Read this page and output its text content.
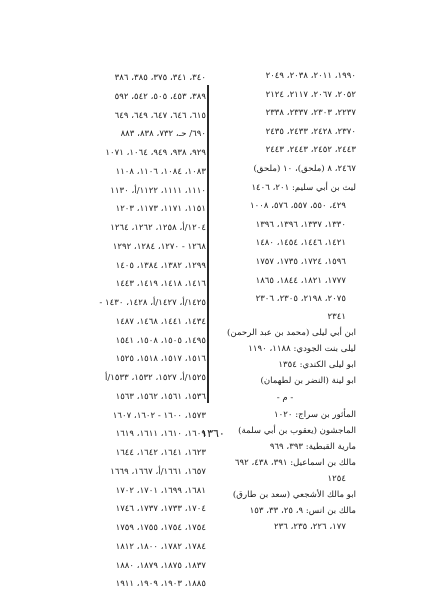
١٩٩٠، ٢٠١١، ٢٠٣٨، ٢٠٤٩
٢٠٥٢، ٢٠٦٧، ٢١١٧، ٢١٢٤
٢٢٣٧، ٢٣٠٣، ٢٣٣٧، ٢٣٣٨
٢٣٧٠، ٢٤٢٨، ٢٤٣٣، ٢٤٣٥
٢٤٤٣، ٢٤٥٢، ٢٤٤٣، ٢٤٤٣
٢٤٦٧، ٨ (ملحق)، ١٠ (ملحق)
ليث بن أبي سليم: ٢٠١، ١٤٠٦
٤٢٩، ٥٥٠، ٥٥٧، ٥٧٦، ١٠٠٨
١٣٣٠، ١٣٣٧، ١٣٩٦، ١٣٩٦
١٤٢١، ١٤٤٦، ١٤٥٤، ١٤٨٠
١٥٩٦، ١٧٢٤، ١٧٣٥، ١٧٥٧
١٧٧٧، ١٨٢١، ١٨٤٤، ١٨٦٥
٢٠٧٥، ٢١٩٨، ٢٣٠٥، ٢٣٠٦
٢٣٤١
ابن أبي ليلى (محمد بن عبد الرحمن)
ليلى بنت الجودي: ١١٨٨، ١١٩٠
ابو ليلى الكندي: ١٣٥٤
ابو لينة (النضر بن لطهمان)
- م -
المأثور بن سراج: ١٠٢٠
الماجشون (يعقوب بن أبي سلمة)
مارية القبطية: ٣٩٣، ٩٦٩
مالك بن اسماعيل: ٣٩١، ٤٣٨، ٦٩٢
١٢٥٤
ابو مالك الأشجعي (سعد بن طارق)
مالك بن انس: ٩، ٢٥، ٣٣، ١٥٣
١٧٧، ٢٢٦، ٢٣٥، ٢٣٦
٣٤٠، ٣٤١، ٣٧٥، ٣٨٥، ٣٨٦
٣٨٩، ٤٥٣، ٥٠٥، ٥٤٢، ٥٩٢
٦١٥، ٦٤٦، ٦٤٧، ٦٤٩، ٦٤٩
٦٩٠/ حـ، ٧٣٢، ٨٣٨، ٨٨٣
٩٢٩، ٩٣٨، ٩٤٩، ١٠٦٤، ١٠٧١
١٠٨٣، ١٠٨٤، ١١٠٦، ١١٠٨
١١١٠، ١١١١، ١١٢٢/أ، ١١٣٠
١١٥١، ١١٧١، ١١٧٣، ١٢٠٣
١٢٠٤/أ، ١٢٥٨، ١٢٦٢، ١٢٦٤
١٢٦٨ - ١٢٧٠، ١٢٨٤، ١٢٩٢
١٢٩٩، ١٣٨٢، ١٣٨٤، ١٤٠٥
١٤١٦، ١٤١٨، ١٤١٩، ١٤٤٣
١٤٢٥/أ، ١٤٢٧/أ، ١٤٢٨، ١٤٣٠ -
١٤٣٤، ١٤٤١، ١٤٦٨، ١٤٨٧
١٤٩٥، ١٥٠٥، ١٥٠٨، ١٥٤١
١٥١٦، ١٥١٧، ١٥١٨، ١٥٢٥
١٥٢٥/أ، ١٥٢٧، ١٥٣٢، ١٥٣٣/أ
١٥٣٦، ١٥٦١، ١٥٦٢، ١٥٦٣
١٥٧٣، ١٦٠٠ - ١٦٠٢، ١٦٠٧
١٦٠٩، ١٦١٠، ١٦١١، ١٦١٩
١٦٢٣، ١٦٤١، ١٦٤٢، ١٦٤٤
١٦٥٧، ١٦٦١/أ، ١٦٦٧، ١٦٦٩
١٦٨١، ١٦٩٩، ١٧٠١، ١٧٠٢
١٧٠٤، ١٧٣٣، ١٧٣٧، ١٧٤٦
١٧٥٤، ١٧٥٤، ١٧٥٥، ١٧٥٩
١٧٨٤، ١٧٨٢، ١٨٠٠، ١٨١٢
١٨٣٧، ١٨٧٥، ١٨٧٩، ١٨٨٠
١٨٨٥، ١٩٠٣، ١٩٠٩، ١٩١١
١٣٦٠
